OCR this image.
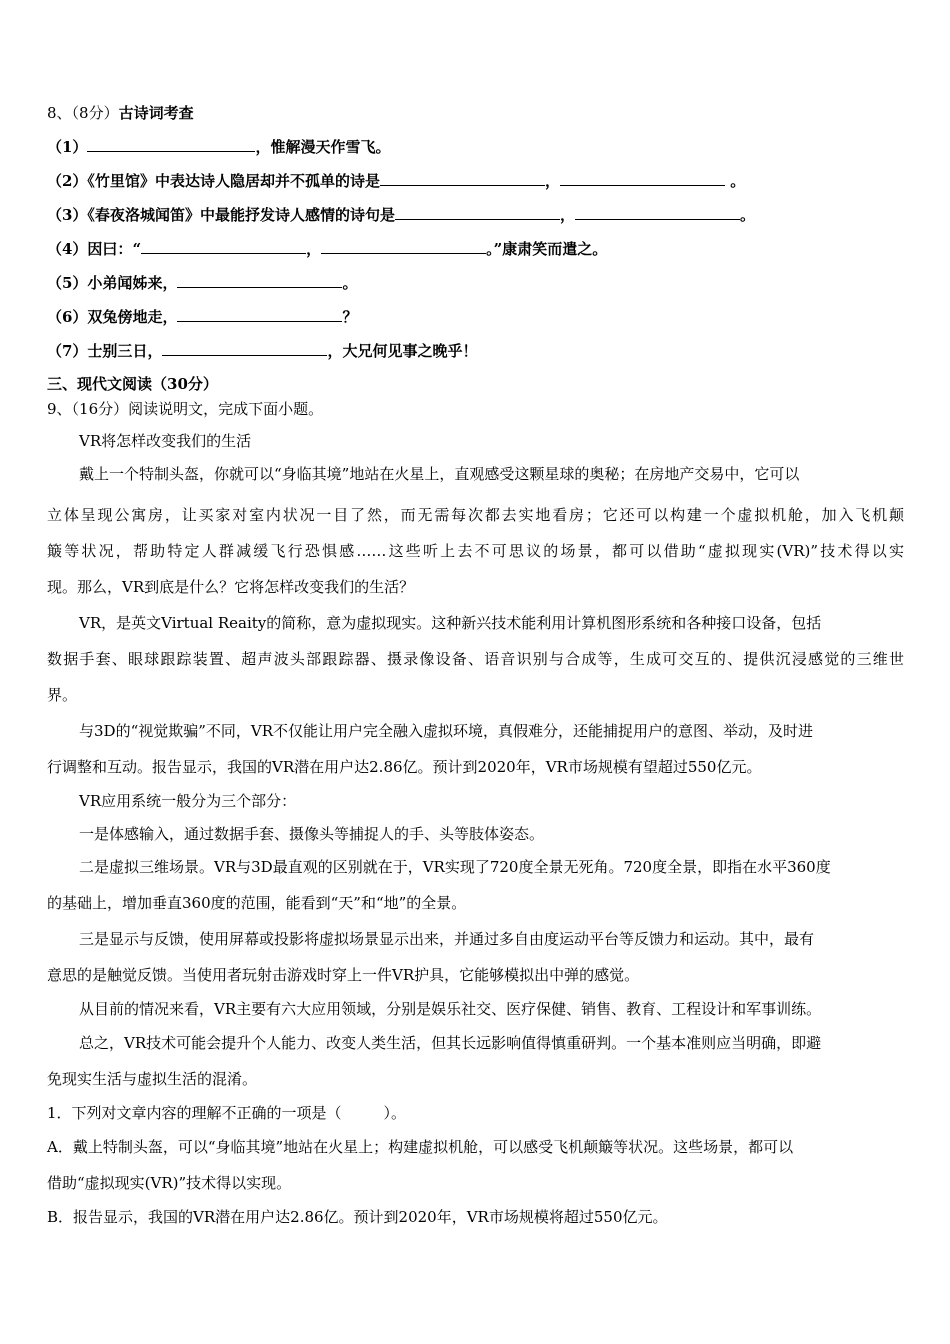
8、（8分）古诗词考查
（1）	，惟解漫天作雪飞。
（2）《竹里馆》中表达诗人隐居却并不孤单的诗是	，	。
（3）《春夜洛城闻笛》中最能抒发诗人感情的诗句是	，	。
（4）因曰：“	，	。”康肃笑而遣之。
（5）小弟闻姊来，	。
（6）双兔傍地走，	？
（7）士别三日，	，大兄何见事之晚乎！
三、现代文阅读（30分）
9、（16分）阅读说明文，完成下面小题。
VR将怎样改变我们的生活
戴上一个特制头盔，你就可以“身临其境”地站在火星上，直观感受这颗星球的奥秘；在房地产交易中，它可以
立体呈现公寓房，让买家对室内状况一目了然，而无需每次都去实地看房；它还可以构建一个虚拟机舱，加入飞机颠
簸等状况，帮助特定人群减缓飞行恐惧感……这些听上去不可思议的场景，都可以借助“虚拟现实(VR)”技术得以实
现。那么，VR到底是什么？它将怎样改变我们的生活？
VR，是英文Virtual Reaity的简称，意为虚拟现实。这种新兴技术能利用计算机图形系统和各种接口设备，包括
数据手套、眼球跟踪装置、超声波头部跟踪器、摄录像设备、语音识别与合成等，生成可交互的、提供沉浸感觉的三维世
界。
与3D的“视觉欺骗”不同，VR不仅能让用户完全融入虚拟环境，真假难分，还能捕捉用户的意图、举动，及时进
行调整和互动。报告显示，我国的VR潜在用户达2.86亿。预计到2020年，VR市场规模有望超过550亿元。
VR应用系统一般分为三个部分：
一是体感输入，通过数据手套、摄像头等捕捉人的手、头等肢体姿态。
二是虚拟三维场景。VR与3D最直观的区别就在于，VR实现了720度全景无死角。720度全景，即指在水平360度
的基础上，增加垂直360度的范围，能看到“天”和“地”的全景。
三是显示与反馈，使用屏幕或投影将虚拟场景显示出来，并通过多自由度运动平台等反馈力和运动。其中，最有
意思的是触觉反馈。当使用者玩射击游戏时穿上一件VR护具，它能够模拟出中弹的感觉。
从目前的情况来看，VR主要有六大应用领域，分别是娱乐社交、医疗保健、销售、教育、工程设计和军事训练。
总之，VR技术可能会提升个人能力、改变人类生活，但其长远影响值得慎重研判。一个基本准则应当明确，即避
免现实生活与虚拟生活的混淆。
1．下列对文章内容的理解不正确的一项是（	）。
A．戴上特制头盔，可以“身临其境”地站在火星上；构建虚拟机舱，可以感受飞机颠簸等状况。这些场景，都可以
借助“虚拟现实(VR)”技术得以实现。
B．报告显示，我国的VR潜在用户达2.86亿。预计到2020年，VR市场规模将超过550亿元。
